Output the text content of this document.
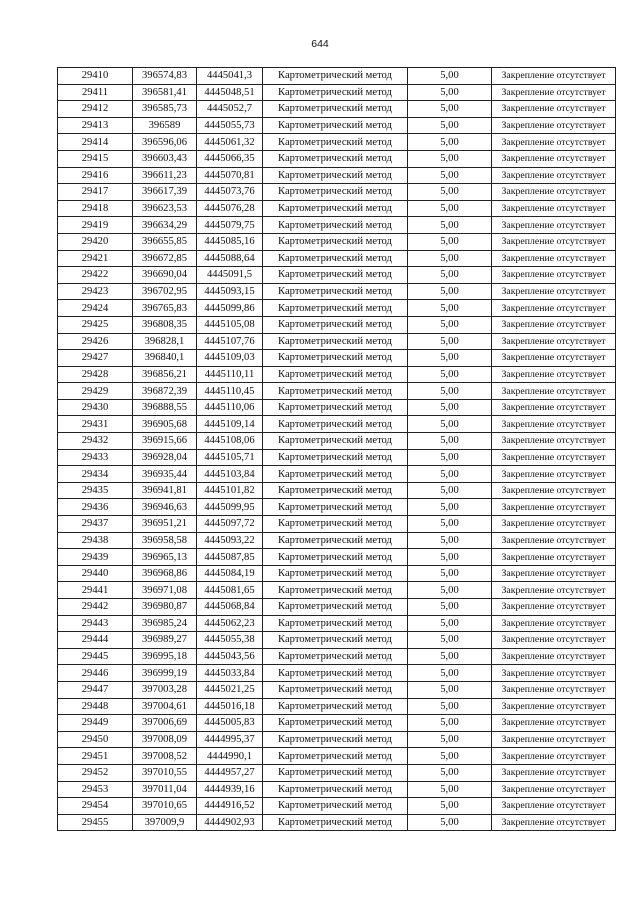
644
29410	396574,83	4445041,3	Картометрический метод	5,00	Закрепление отсутствует
29411	396581,41	4445048,51	Картометрический метод	5,00	Закрепление отсутствует
29412	396585,73	4445052,7	Картометрический метод	5,00	Закрепление отсутствует
29413	396589	4445055,73	Картометрический метод	5,00	Закрепление отсутствует
29414	396596,06	4445061,32	Картометрический метод	5,00	Закрепление отсутствует
29415	396603,43	4445066,35	Картометрический метод	5,00	Закрепление отсутствует
29416	396611,23	4445070,81	Картометрический метод	5,00	Закрепление отсутствует
29417	396617,39	4445073,76	Картометрический метод	5,00	Закрепление отсутствует
29418	396623,53	4445076,28	Картометрический метод	5,00	Закрепление отсутствует
29419	396634,29	4445079,75	Картометрический метод	5,00	Закрепление отсутствует
29420	396655,85	4445085,16	Картометрический метод	5,00	Закрепление отсутствует
29421	396672,85	4445088,64	Картометрический метод	5,00	Закрепление отсутствует
29422	396690,04	4445091,5	Картометрический метод	5,00	Закрепление отсутствует
29423	396702,95	4445093,15	Картометрический метод	5,00	Закрепление отсутствует
29424	396765,83	4445099,86	Картометрический метод	5,00	Закрепление отсутствует
29425	396808,35	4445105,08	Картометрический метод	5,00	Закрепление отсутствует
29426	396828,1	4445107,76	Картометрический метод	5,00	Закрепление отсутствует
29427	396840,1	4445109,03	Картометрический метод	5,00	Закрепление отсутствует
29428	396856,21	4445110,11	Картометрический метод	5,00	Закрепление отсутствует
29429	396872,39	4445110,45	Картометрический метод	5,00	Закрепление отсутствует
29430	396888,55	4445110,06	Картометрический метод	5,00	Закрепление отсутствует
29431	396905,68	4445109,14	Картометрический метод	5,00	Закрепление отсутствует
29432	396915,66	4445108,06	Картометрический метод	5,00	Закрепление отсутствует
29433	396928,04	4445105,71	Картометрический метод	5,00	Закрепление отсутствует
29434	396935,44	4445103,84	Картометрический метод	5,00	Закрепление отсутствует
29435	396941,81	4445101,82	Картометрический метод	5,00	Закрепление отсутствует
29436	396946,63	4445099,95	Картометрический метод	5,00	Закрепление отсутствует
29437	396951,21	4445097,72	Картометрический метод	5,00	Закрепление отсутствует
29438	396958,58	4445093,22	Картометрический метод	5,00	Закрепление отсутствует
29439	396965,13	4445087,85	Картометрический метод	5,00	Закрепление отсутствует
29440	396968,86	4445084,19	Картометрический метод	5,00	Закрепление отсутствует
29441	396971,08	4445081,65	Картометрический метод	5,00	Закрепление отсутствует
29442	396980,87	4445068,84	Картометрический метод	5,00	Закрепление отсутствует
29443	396985,24	4445062,23	Картометрический метод	5,00	Закрепление отсутствует
29444	396989,27	4445055,38	Картометрический метод	5,00	Закрепление отсутствует
29445	396995,18	4445043,56	Картометрический метод	5,00	Закрепление отсутствует
29446	396999,19	4445033,84	Картометрический метод	5,00	Закрепление отсутствует
29447	397003,28	4445021,25	Картометрический метод	5,00	Закрепление отсутствует
29448	397004,61	4445016,18	Картометрический метод	5,00	Закрепление отсутствует
29449	397006,69	4445005,83	Картометрический метод	5,00	Закрепление отсутствует
29450	397008,09	4444995,37	Картометрический метод	5,00	Закрепление отсутствует
29451	397008,52	4444990,1	Картометрический метод	5,00	Закрепление отсутствует
29452	397010,55	4444957,27	Картометрический метод	5,00	Закрепление отсутствует
29453	397011,04	4444939,16	Картометрический метод	5,00	Закрепление отсутствует
29454	397010,65	4444916,52	Картометрический метод	5,00	Закрепление отсутствует
29455	397009,9	4444902,93	Картометрический метод	5,00	Закрепление отсутствует
